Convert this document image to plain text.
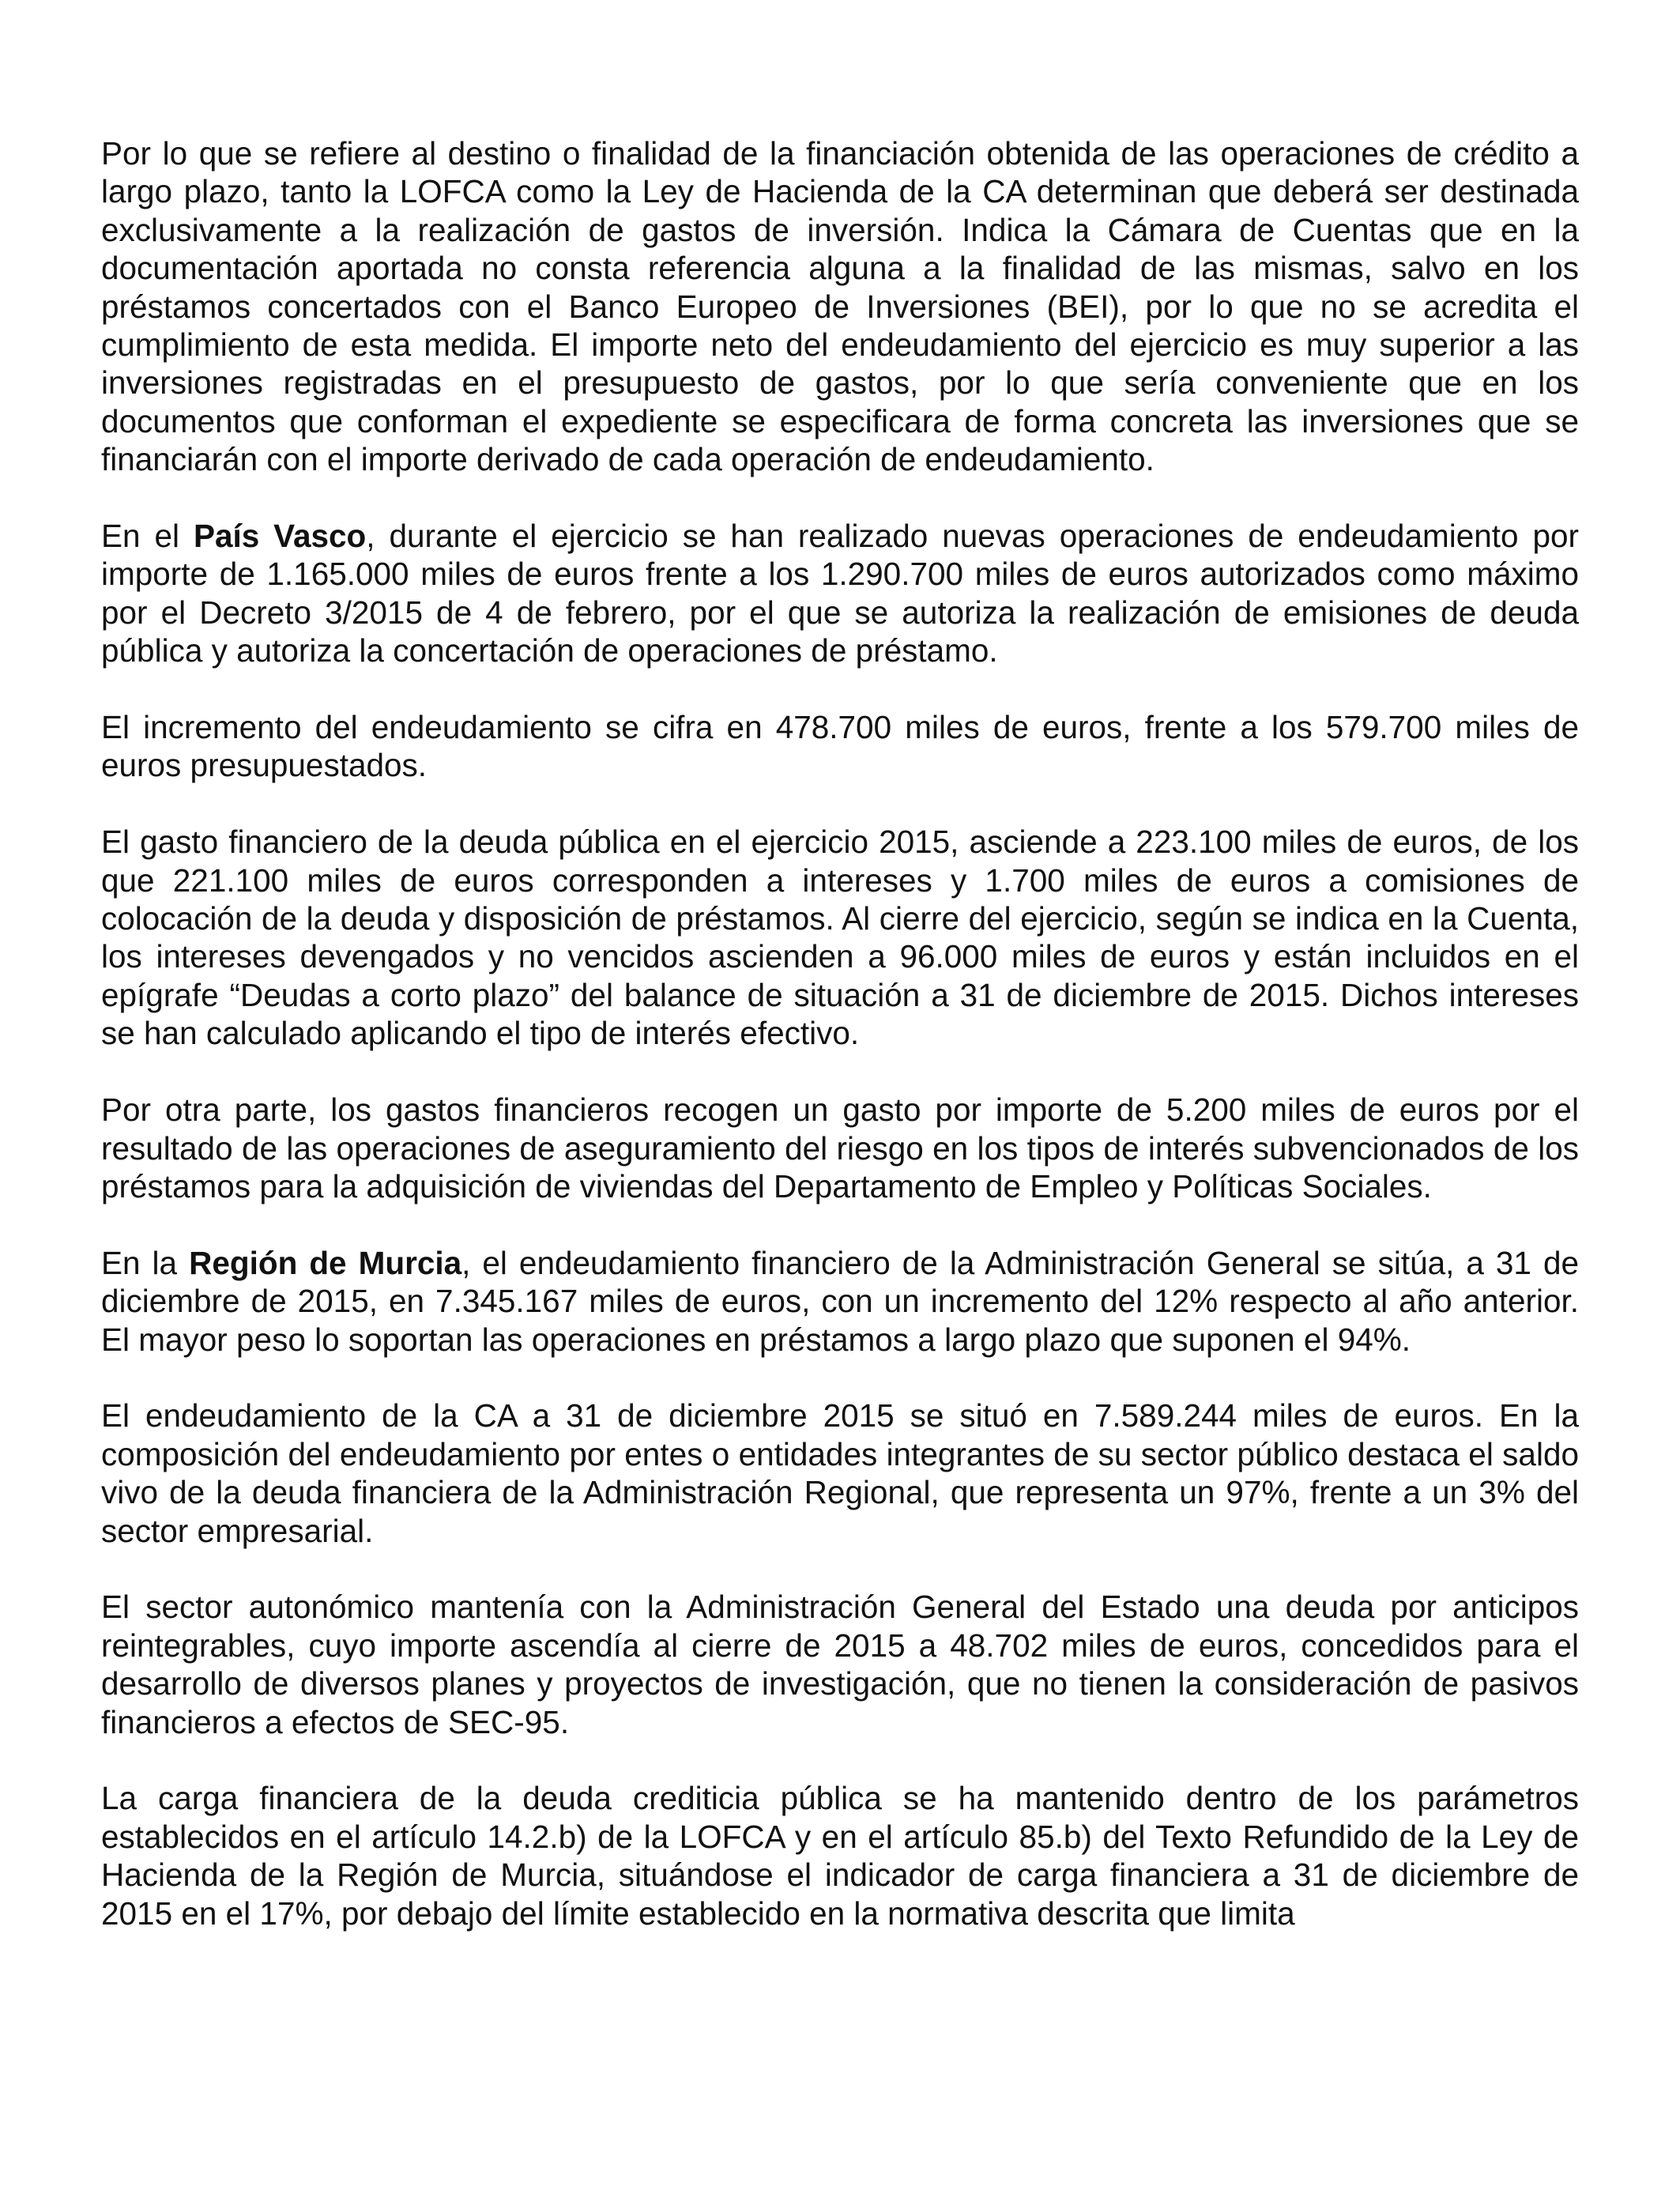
Por lo que se refiere al destino o finalidad de la financiación obtenida de las operaciones de crédito a largo plazo, tanto la LOFCA como la Ley de Hacienda de la CA determinan que deberá ser destinada exclusivamente a la realización de gastos de inversión. Indica la Cámara de Cuentas que en la documentación aportada no consta referencia alguna a la finalidad de las mismas, salvo en los préstamos concertados con el Banco Europeo de Inversiones (BEI), por lo que no se acredita el cumplimiento de esta medida. El importe neto del endeudamiento del ejercicio es muy superior a las inversiones registradas en el presupuesto de gastos, por lo que sería conveniente que en los documentos que conforman el expediente se especificara de forma concreta las inversiones que se financiarán con el importe derivado de cada operación de endeudamiento.

En el País Vasco, durante el ejercicio se han realizado nuevas operaciones de endeudamiento por importe de 1.165.000 miles de euros frente a los 1.290.700 miles de euros autorizados como máximo por el Decreto 3/2015 de 4 de febrero, por el que se autoriza la realización de emisiones de deuda pública y autoriza la concertación de operaciones de préstamo.

El incremento del endeudamiento se cifra en 478.700 miles de euros, frente a los 579.700 miles de euros presupuestados.

El gasto financiero de la deuda pública en el ejercicio 2015, asciende a 223.100 miles de euros, de los que 221.100 miles de euros corresponden a intereses y 1.700 miles de euros a comisiones de colocación de la deuda y disposición de préstamos. Al cierre del ejercicio, según se indica en la Cuenta, los intereses devengados y no vencidos ascienden a 96.000 miles de euros y están incluidos en el epígrafe “Deudas a corto plazo” del balance de situación a 31 de diciembre de 2015. Dichos intereses se han calculado aplicando el tipo de interés efectivo.

Por otra parte, los gastos financieros recogen un gasto por importe de 5.200 miles de euros por el resultado de las operaciones de aseguramiento del riesgo en los tipos de interés subvencionados de los préstamos para la adquisición de viviendas del Departamento de Empleo y Políticas Sociales.

En la Región de Murcia, el endeudamiento financiero de la Administración General se sitúa, a 31 de diciembre de 2015, en 7.345.167 miles de euros, con un incremento del 12% respecto al año anterior. El mayor peso lo soportan las operaciones en préstamos a largo plazo que suponen el 94%.

El endeudamiento de la CA a 31 de diciembre 2015 se situó en 7.589.244 miles de euros. En la composición del endeudamiento por entes o entidades integrantes de su sector público destaca el saldo vivo de la deuda financiera de la Administración Regional, que representa un 97%, frente a un 3% del sector empresarial.

El sector autonómico mantenía con la Administración General del Estado una deuda por anticipos reintegrables, cuyo importe ascendía al cierre de 2015 a 48.702 miles de euros, concedidos para el desarrollo de diversos planes y proyectos de investigación, que no tienen la consideración de pasivos financieros a efectos de SEC-95.

La carga financiera de la deuda crediticia pública se ha mantenido dentro de los parámetros establecidos en el artículo 14.2.b) de la LOFCA y en el artículo 85.b) del Texto Refundido de la Ley de Hacienda de la Región de Murcia, situándose el indicador de carga financiera a 31 de diciembre de 2015 en el 17%, por debajo del límite establecido en la normativa descrita que limita
